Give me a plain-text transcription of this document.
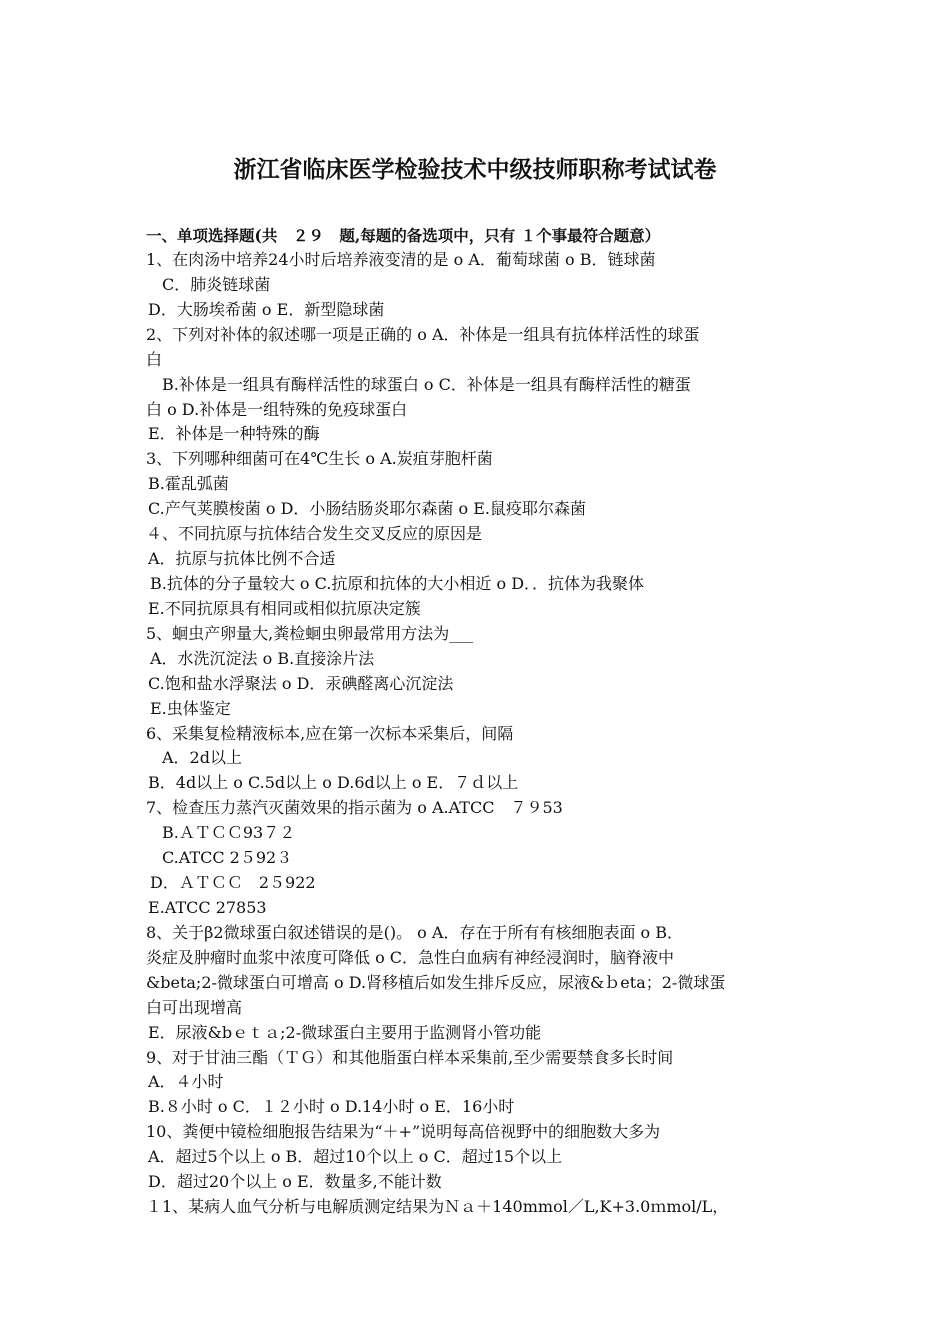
浙江省临床医学检验技术中级技师职称考试试卷
一、单项选择题(共　２９　题,每题的备选项中，只有 １个事最符合题意）
1、在肉汤中培养24小时后培养液变清的是 ο A．葡萄球菌 ο B．链球菌
C．肺炎链球菌
D．大肠埃希菌 ο E．新型隐球菌
2、下列对补体的叙述哪一项是正确的 ο A．补体是一组具有抗体样活性的球蛋
白
B.补体是一组具有酶样活性的球蛋白 ο C．补体是一组具有酶样活性的糖蛋
白 ο D.补体是一组特殊的免疫球蛋白
E．补体是一种特殊的酶
3、下列哪种细菌可在4℃生长 ο A.炭疽芽胞杆菌
B.霍乱弧菌
C.产气荚膜梭菌 ο D．小肠结肠炎耶尔森菌 ο E.鼠疫耶尔森菌
４、不同抗原与抗体结合发生交叉反应的原因是
A．抗原与抗体比例不合适
B.抗体的分子量较大 ο C.抗原和抗体的大小相近 ο D．．抗体为我聚体
E.不同抗原具有相同或相似抗原决定簇
5、蛔虫产卵量大,粪检蛔虫卵最常用方法为___
A．水洗沉淀法 ο B.直接涂片法
C.饱和盐水浮聚法 ο D．汞碘醛离心沉淀法
E.虫体鉴定
6、采集复检精液标本,应在第一次标本采集后，间隔
A．2d以上
B．4d以上 ο C.5d以上 ο D.6d以上 ο E．７ｄ以上
7、检查压力蒸汽灭菌效果的指示菌为 ο A.ATCC　７９53
B.ＡＴＣＣ93７２
C.ATCC 2５92３
D．ＡＴＣＣ　2５922
E.ATCC 27853
8、关于β2微球蛋白叙述错误的是()。 ο A．存在于所有有核细胞表面 ο B．
炎症及肿瘤时血浆中浓度可降低 ο C．急性白血病有神经浸润时，脑脊液中
&beta;2-微球蛋白可增高 ο D.肾移植后如发生排斥反应，尿液&ｂeta；2-微球蛋
白可出现增高
E．尿液&bｅｔａ;2-微球蛋白主要用于监测肾小管功能
9、对于甘油三酯（ＴＧ）和其他脂蛋白样本采集前,至少需要禁食多长时间
A．４小时
B.８小时 ο C．１２小时 ο D.14小时 ο E．16小时
10、粪便中镜检细胞报告结果为“＋+”说明每高倍视野中的细胞数大多为
A．超过5个以上 ο B．超过10个以上 ο C．超过15个以上
D．超过20个以上 ο E．数量多,不能计数
１1、某病人血气分析与电解质测定结果为Ｎａ＋140mmol／L,K+3.0ｍmol/L，
